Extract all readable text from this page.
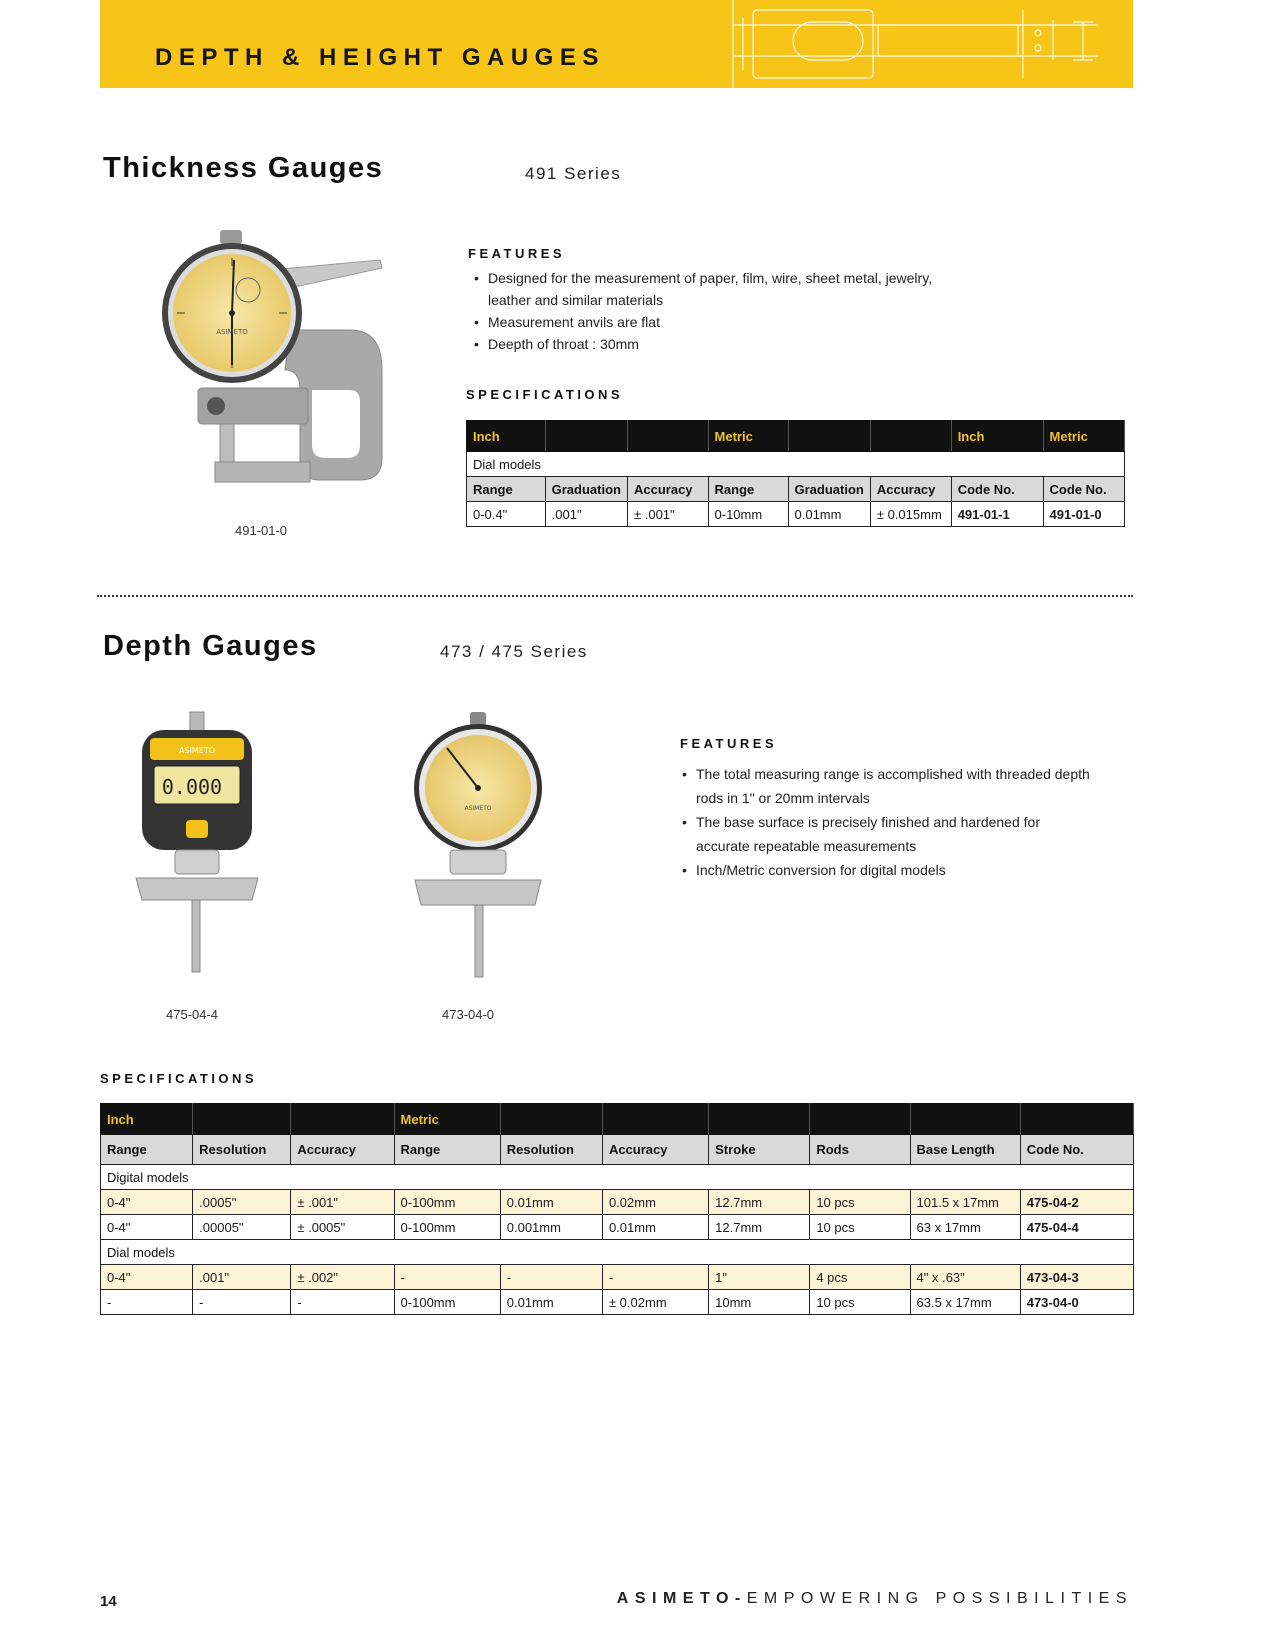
DEPTH & HEIGHT GAUGES
Thickness Gauges	491 Series
ASIMETO
491-01-0
FEATURES
• Designed for the measurement of paper, film, wire, sheet metal, jewelry, leather and similar materials
• Measurement anvils are flat
• Deepth of throat : 30mm
SPECIFICATIONS
Inch			Metric			Inch	Metric
Dial models							
Range	Graduation	Accuracy	Range	Graduation	Accuracy	Code No.	Code No.
0-0.4"	.001"	± .001"	0-10mm	0.01mm	± 0.015mm	491-01-1	491-01-0
Depth Gauges	473 / 475 Series
ASIMETO
0.000
475-04-4
ASIMETO
473-04-0
FEATURES
• The total measuring range is accomplished with threaded depth rods in 1" or 20mm intervals
• The base surface is precisely finished and hardened for accurate repeatable measurements
• Inch/Metric conversion for digital models
SPECIFICATIONS
Inch			Metric						
Range	Resolution	Accuracy	Range	Resolution	Accuracy	Stroke	Rods	Base Length	Code No.
Digital models									
0-4"	.0005"	± .001"	0-100mm	0.01mm	0.02mm	12.7mm	10 pcs	101.5 x 17mm	475-04-2
0-4"	.00005"	± .0005"	0-100mm	0.001mm	0.01mm	12.7mm	10 pcs	63 x 17mm	475-04-4
Dial models									
0-4"	.001"	± .002"	-	-	-	1"	4 pcs	4" x .63"	473-04-3
-	-	-	0-100mm	0.01mm	± 0.02mm	10mm	10 pcs	63.5 x 17mm	473-04-0
14	ASIMETO-EMPOWERING POSSIBILITIES
